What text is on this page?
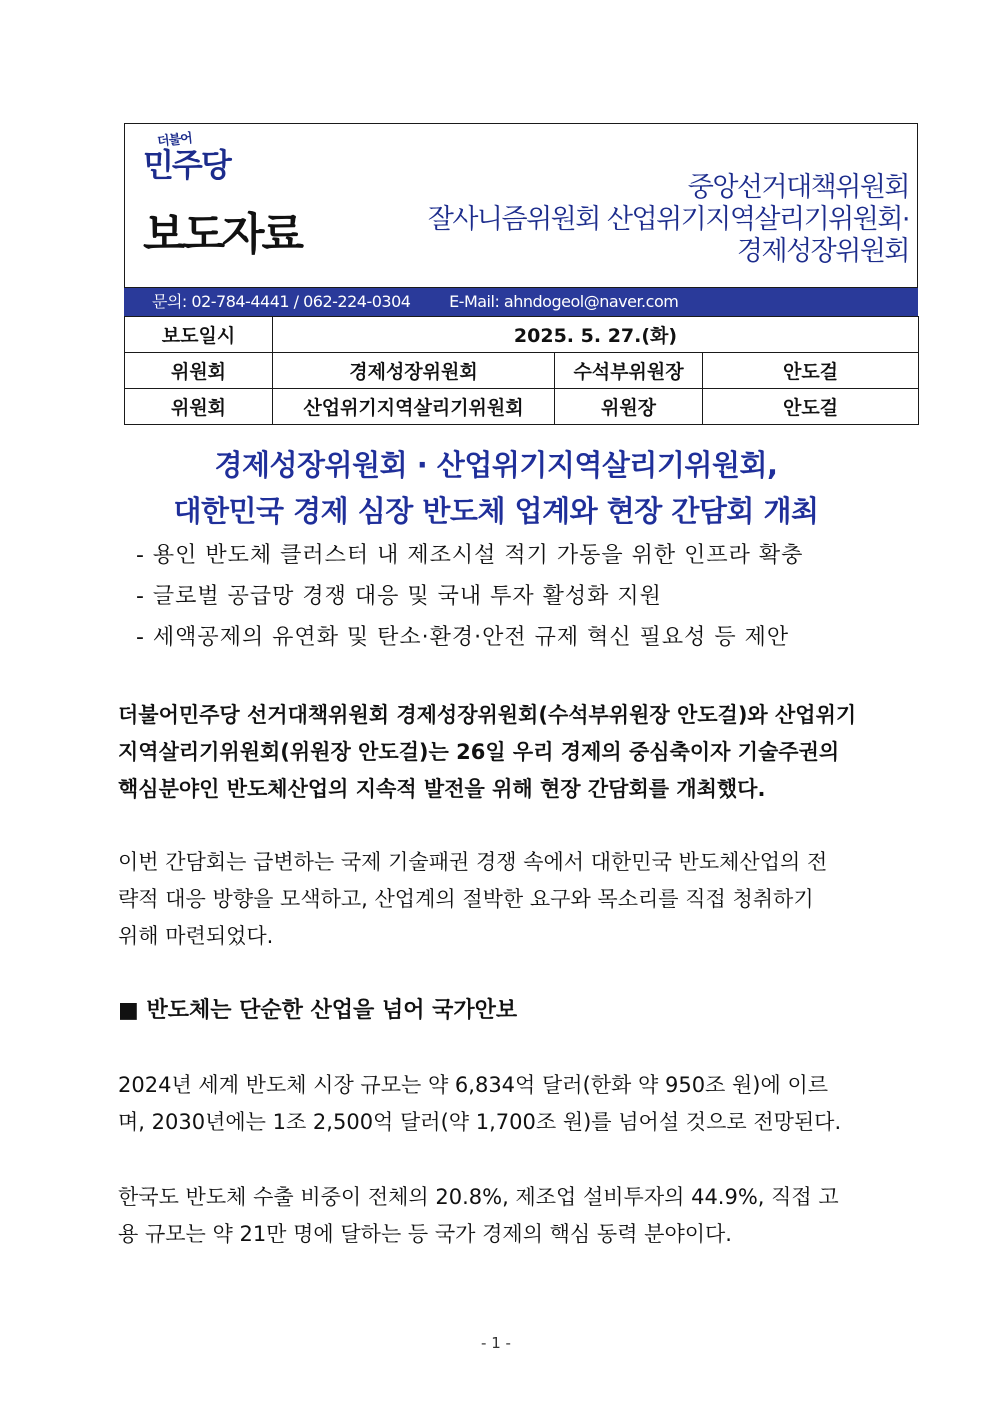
더불어
민주당
보도자료
중앙선거대책위원회
잘사니즘위원회 산업위기지역살리기위원회·
경제성장위원회
문의: 02-784-4441 / 062-224-0304 E-Mail: ahndogeol@naver.com
보도일시	2025. 5. 27.(화)		
위원회	경제성장위원회	수석부위원장	안도걸
위원회	산업위기지역살리기위원회	위원장	안도걸
경제성장위원회 · 산업위기지역살리기위원회,
대한민국 경제 심장 반도체 업계와 현장 간담회 개최
- 용인 반도체 클러스터 내 제조시설 적기 가동을 위한 인프라 확충
- 글로벌 공급망 경쟁 대응 및 국내 투자 활성화 지원
- 세액공제의 유연화 및 탄소·환경·안전 규제 혁신 필요성 등 제안
더불어민주당 선거대책위원회 경제성장위원회(수석부위원장 안도걸)와 산업위기
지역살리기위원회(위원장 안도걸)는 26일 우리 경제의 중심축이자 기술주권의
핵심분야인 반도체산업의 지속적 발전을 위해 현장 간담회를 개최했다.
이번 간담회는 급변하는 국제 기술패권 경쟁 속에서 대한민국 반도체산업의 전
략적 대응 방향을 모색하고, 산업계의 절박한 요구와 목소리를 직접 청취하기
위해 마련되었다.
■ 반도체는 단순한 산업을 넘어 국가안보
2024년 세계 반도체 시장 규모는 약 6,834억 달러(한화 약 950조 원)에 이르
며, 2030년에는 1조 2,500억 달러(약 1,700조 원)를 넘어설 것으로 전망된다.
한국도 반도체 수출 비중이 전체의 20.8%, 제조업 설비투자의 44.9%, 직접 고
용 규모는 약 21만 명에 달하는 등 국가 경제의 핵심 동력 분야이다.
- 1 -
